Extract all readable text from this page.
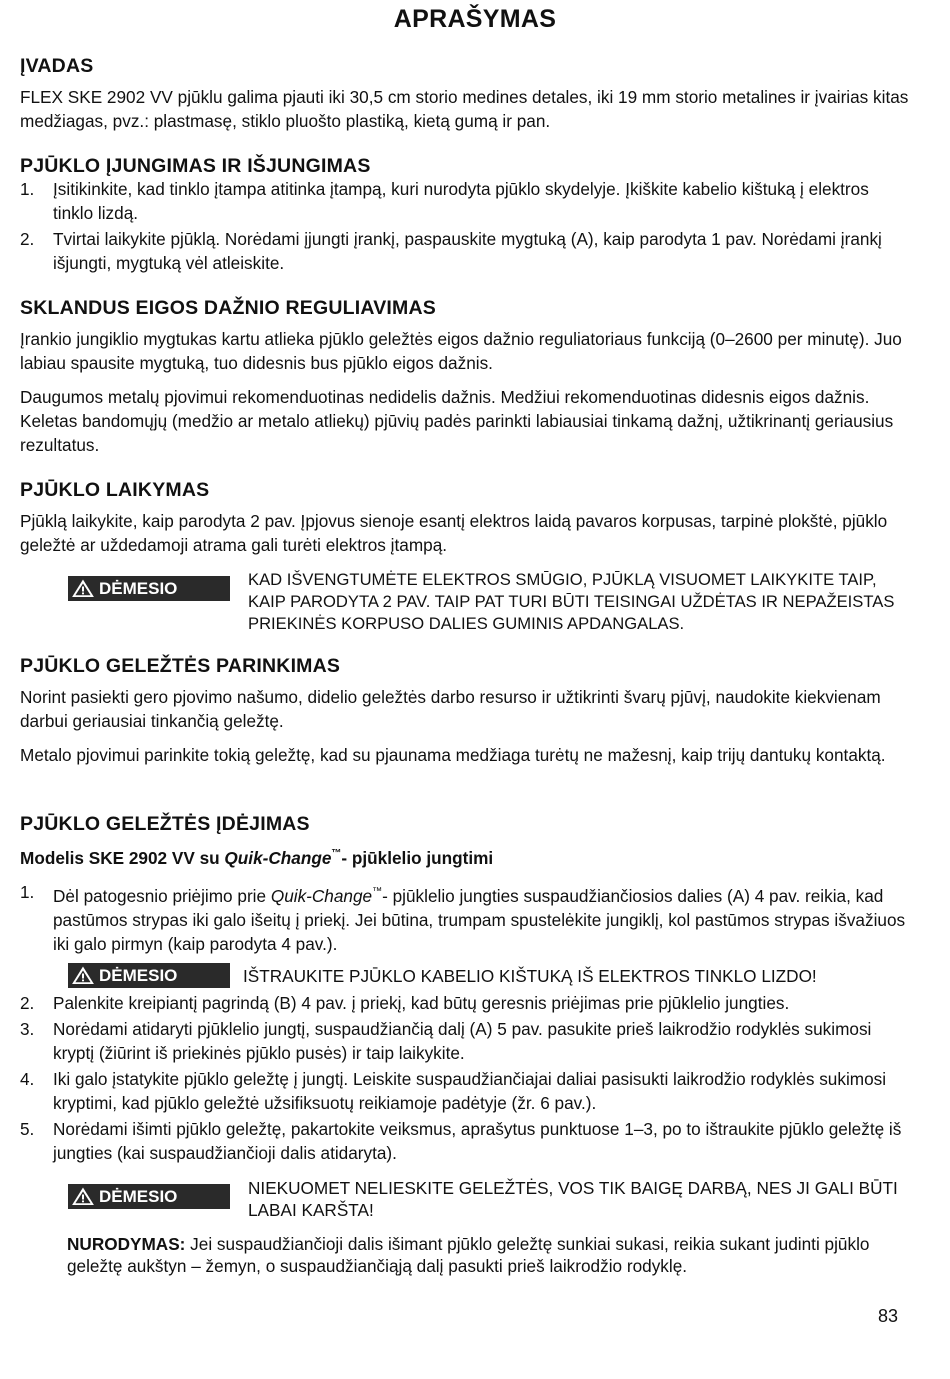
APRAŠYMAS
ĮVADAS
FLEX SKE 2902 VV pjūklu galima pjauti iki 30,5 cm storio medines detales, iki 19 mm storio metalines ir įvairias kitas medžiagas, pvz.: plastmasę, stiklo pluošto plastiką, kietą gumą ir pan.
PJŪKLO ĮJUNGIMAS IR IŠJUNGIMAS
1.	Įsitikinkite, kad tinklo įtampa atitinka įtampą, kuri nurodyta pjūklo skydelyje. Įkiškite kabelio kištuką į elektros tinklo lizdą.
2.	Tvirtai laikykite pjūklą. Norėdami įjungti įrankį, paspauskite mygtuką (A), kaip parodyta 1 pav. Norėdami įrankį išjungti, mygtuką vėl atleiskite.
SKLANDUS EIGOS DAŽNIO REGULIAVIMAS
Įrankio jungiklio mygtukas kartu atlieka pjūklo geležtės eigos dažnio reguliatoriaus funkciją (0–2600 per minutę). Juo labiau spausite mygtuką, tuo didesnis bus pjūklo eigos dažnis.
Daugumos metalų pjovimui rekomenduotinas nedidelis dažnis. Medžiui rekomenduotinas didesnis eigos dažnis. Keletas bandomųjų (medžio ar metalo atliekų) pjūvių padės parinkti labiausiai tinkamą dažnį, užtikrinantį geriausius rezultatus.
PJŪKLO LAIKYMAS
Pjūklą laikykite, kaip parodyta 2 pav. Įpjovus sienoje esantį elektros laidą pavaros korpusas, tarpinė plokštė, pjūklo geležtė ar uždedamoji atrama gali turėti elektros įtampą.
DĖMESIO	KAD IŠVENGTUMĖTE ELEKTROS SMŪGIO, PJŪKLĄ VISUOMET LAIKYKITE TAIP, KAIP PARODYTA 2 PAV. TAIP PAT TURI BŪTI TEISINGAI UŽDĖTAS IR NEPAŽEISTAS PRIEKINĖS KORPUSO DALIES GUMINIS APDANGALAS.
PJŪKLO GELEŽTĖS PARINKIMAS
Norint pasiekti gero pjovimo našumo, didelio geležtės darbo resurso ir užtikrinti švarų pjūvį, naudokite kiekvienam darbui geriausiai tinkančią geležtę.
Metalo pjovimui parinkite tokią geležtę, kad su pjaunama medžiaga turėtų ne mažesnį, kaip trijų dantukų kontaktą.
PJŪKLO GELEŽTĖS ĮDĖJIMAS
Modelis SKE 2902 VV su Quik-Change™- pjūklelio jungtimi
1.	Dėl patogesnio priėjimo prie Quik-Change™- pjūklelio jungties suspaudžiančiosios dalies (A) 4 pav. reikia, kad pastūmos strypas iki galo išeitų į priekį. Jei būtina, trumpam spustelėkite jungiklį, kol pastūmos strypas išvažiuos iki galo pirmyn (kaip parodyta 4 pav.).
DĖMESIO	IŠTRAUKITE PJŪKLO KABELIO KIŠTUKĄ IŠ ELEKTROS TINKLO LIZDO!
2.	Palenkite kreipiantį pagrindą (B) 4 pav. į priekį, kad būtų geresnis priėjimas prie pjūklelio jungties.
3.	Norėdami atidaryti pjūklelio jungtį, suspaudžiančią dalį (A) 5 pav. pasukite prieš laikrodžio rodyklės sukimosi kryptį (žiūrint iš priekinės pjūklo pusės) ir taip laikykite.
4.	Iki galo įstatykite pjūklo geležtę į jungtį. Leiskite suspaudžiančiajai daliai pasisukti laikrodžio rodyklės sukimosi kryptimi, kad pjūklo geležtė užsifiksuotų reikiamoje padėtyje (žr. 6 pav.).
5.	Norėdami išimti pjūklo geležtę, pakartokite veiksmus, aprašytus punktuose 1–3, po to ištraukite pjūklo geležtę iš jungties (kai suspaudžiančioji dalis atidaryta).
DĖMESIO	NIEKUOMET NELIESKITE GELEŽTĖS, VOS TIK BAIGĘ DARBĄ, NES JI GALI BŪTI LABAI KARŠTA!
NURODYMAS: Jei suspaudžiančioji dalis išimant pjūklo geležtę sunkiai sukasi, reikia sukant judinti pjūklo geležtę aukštyn – žemyn, o suspaudžiančiąją dalį pasukti prieš laikrodžio rodyklę.
83
